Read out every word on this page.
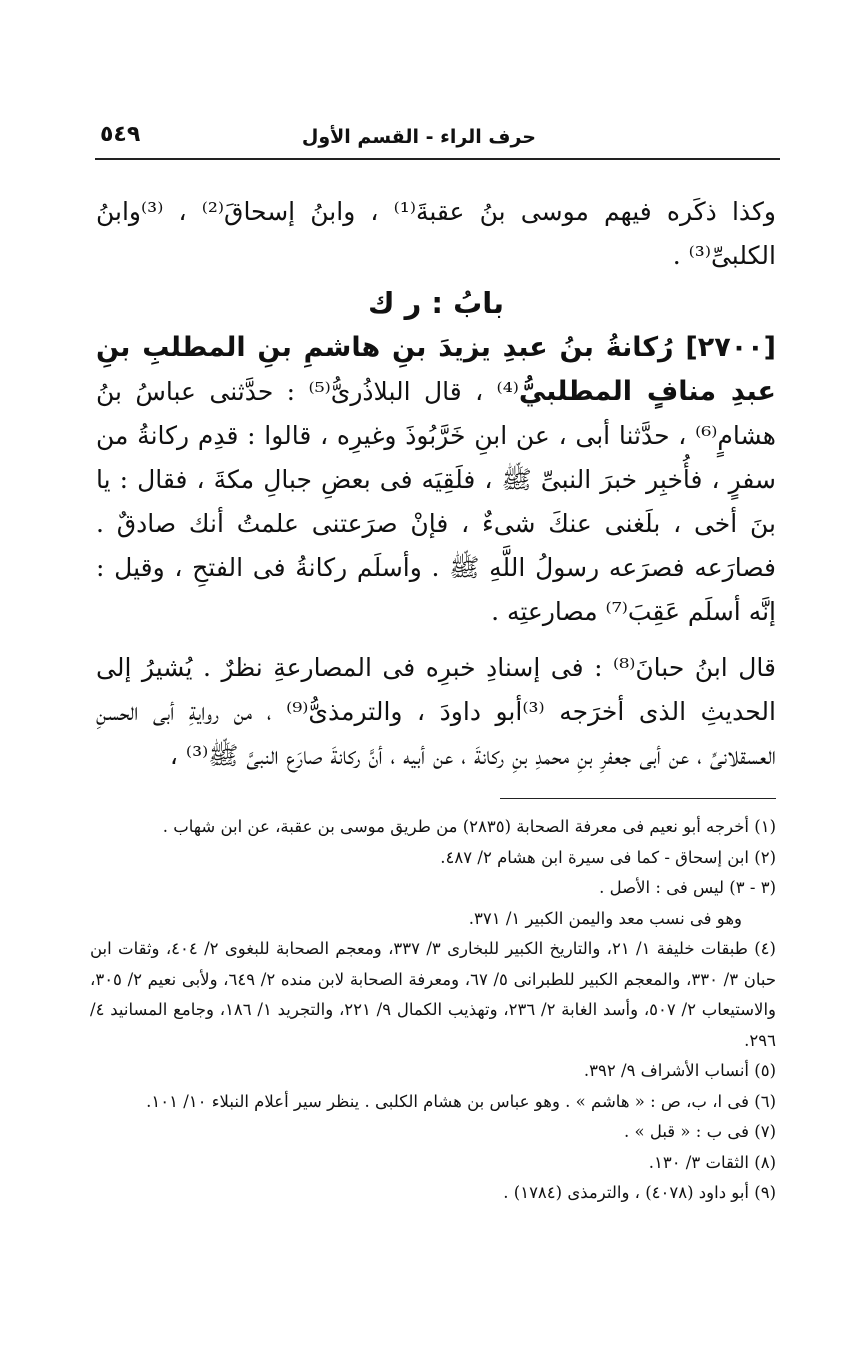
حرف الراء - القسم الأول
٥٤٩

وكذا ذكَره فيهم موسى بنُ عقبةَ⁽¹⁾ ، وابنُ إسحاقَ⁽²⁾ ، ⁽³⁾وابنُ الكلبىِّ⁽³⁾ .

بابُ : ر ك

[٢٧٠٠] رُكانةُ بنُ عبدِ يزيدَ بنِ هاشمِ بنِ المطلبِ بنِ عبدِ منافٍ المطلبيُّ⁽⁴⁾ ، قال البلاذُرىُّ⁽⁵⁾ : حدَّثنى عباسُ بنُ هشامٍ⁽⁶⁾ ، حدَّثنا أبى ، عن ابنِ خَرَّبُوذَ وغيرِه ، قالوا : قدِم ركانةُ من سفرٍ ، فأُخبِر خبرَ النبىِّ ﷺ ، فلَقِيَه فى بعضِ جبالِ مكةَ ، فقال : يا بنَ أخى ، بلَغنى عنكَ شىءٌ ، فإنْ صرَعتنى علمتُ أنك صادقٌ . فصارَعه فصرَعه رسولُ اللَّهِ ﷺ . وأسلَم ركانةُ فى الفتحِ ، وقيل : إنَّه أسلَم عَقِبَ⁽⁷⁾ مصارعتِه .

قال ابنُ حبانَ⁽⁸⁾ : فى إسنادِ خبرِه فى المصارعةِ نظرٌ . يُشيرُ إلى الحديثِ الذى أخرَجه ⁽³⁾أبو داودَ ، والترمذىُّ⁽⁹⁾ ، من روايةِ أبى الحسنِ العسقلانىِّ ، عن أبى جعفرِ بنِ محمدِ بنِ ركانةَ ، عن أبيه ، أنَّ ركانةَ صارَع النبىَّ ﷺ⁽³⁾ ،

(١) أخرجه أبو نعيم فى معرفة الصحابة (٢٨٣٥) من طريق موسى بن عقبة، عن ابن شهاب .

(٢) ابن إسحاق - كما فى سيرة ابن هشام ٢/ ٤٨٧.

(٣ - ٣) ليس فى : الأصل .

وهو فى نسب معد واليمن الكبير ١/ ٣٧١.

(٤) طبقات خليفة ١/ ٢١، والتاريخ الكبير للبخارى ٣/ ٣٣٧، ومعجم الصحابة للبغوى ٢/ ٤٠٤، وثقات ابن حبان ٣/ ٣٣٠، والمعجم الكبير للطبرانى ٥/ ٦٧، ومعرفة الصحابة لابن منده ٢/ ٦٤٩، ولأبى نعيم ٢/ ٣٠٥، والاستيعاب ٢/ ٥٠٧، وأسد الغابة ٢/ ٢٣٦، وتهذيب الكمال ٩/ ٢٢١، والتجريد ١/ ١٨٦، وجامع المسانيد ٤/ ٢٩٦.

(٥) أنساب الأشراف ٩/ ٣٩٢.

(٦) فى ا، ب، ص : « هاشم » . وهو عباس بن هشام الكلبى . ينظر سير أعلام النبلاء ١٠/ ١٠١.

(٧) فى ب : « قبل » .

(٨) الثقات ٣/ ١٣٠.

(٩) أبو داود (٤٠٧٨) ، والترمذى (١٧٨٤) .
